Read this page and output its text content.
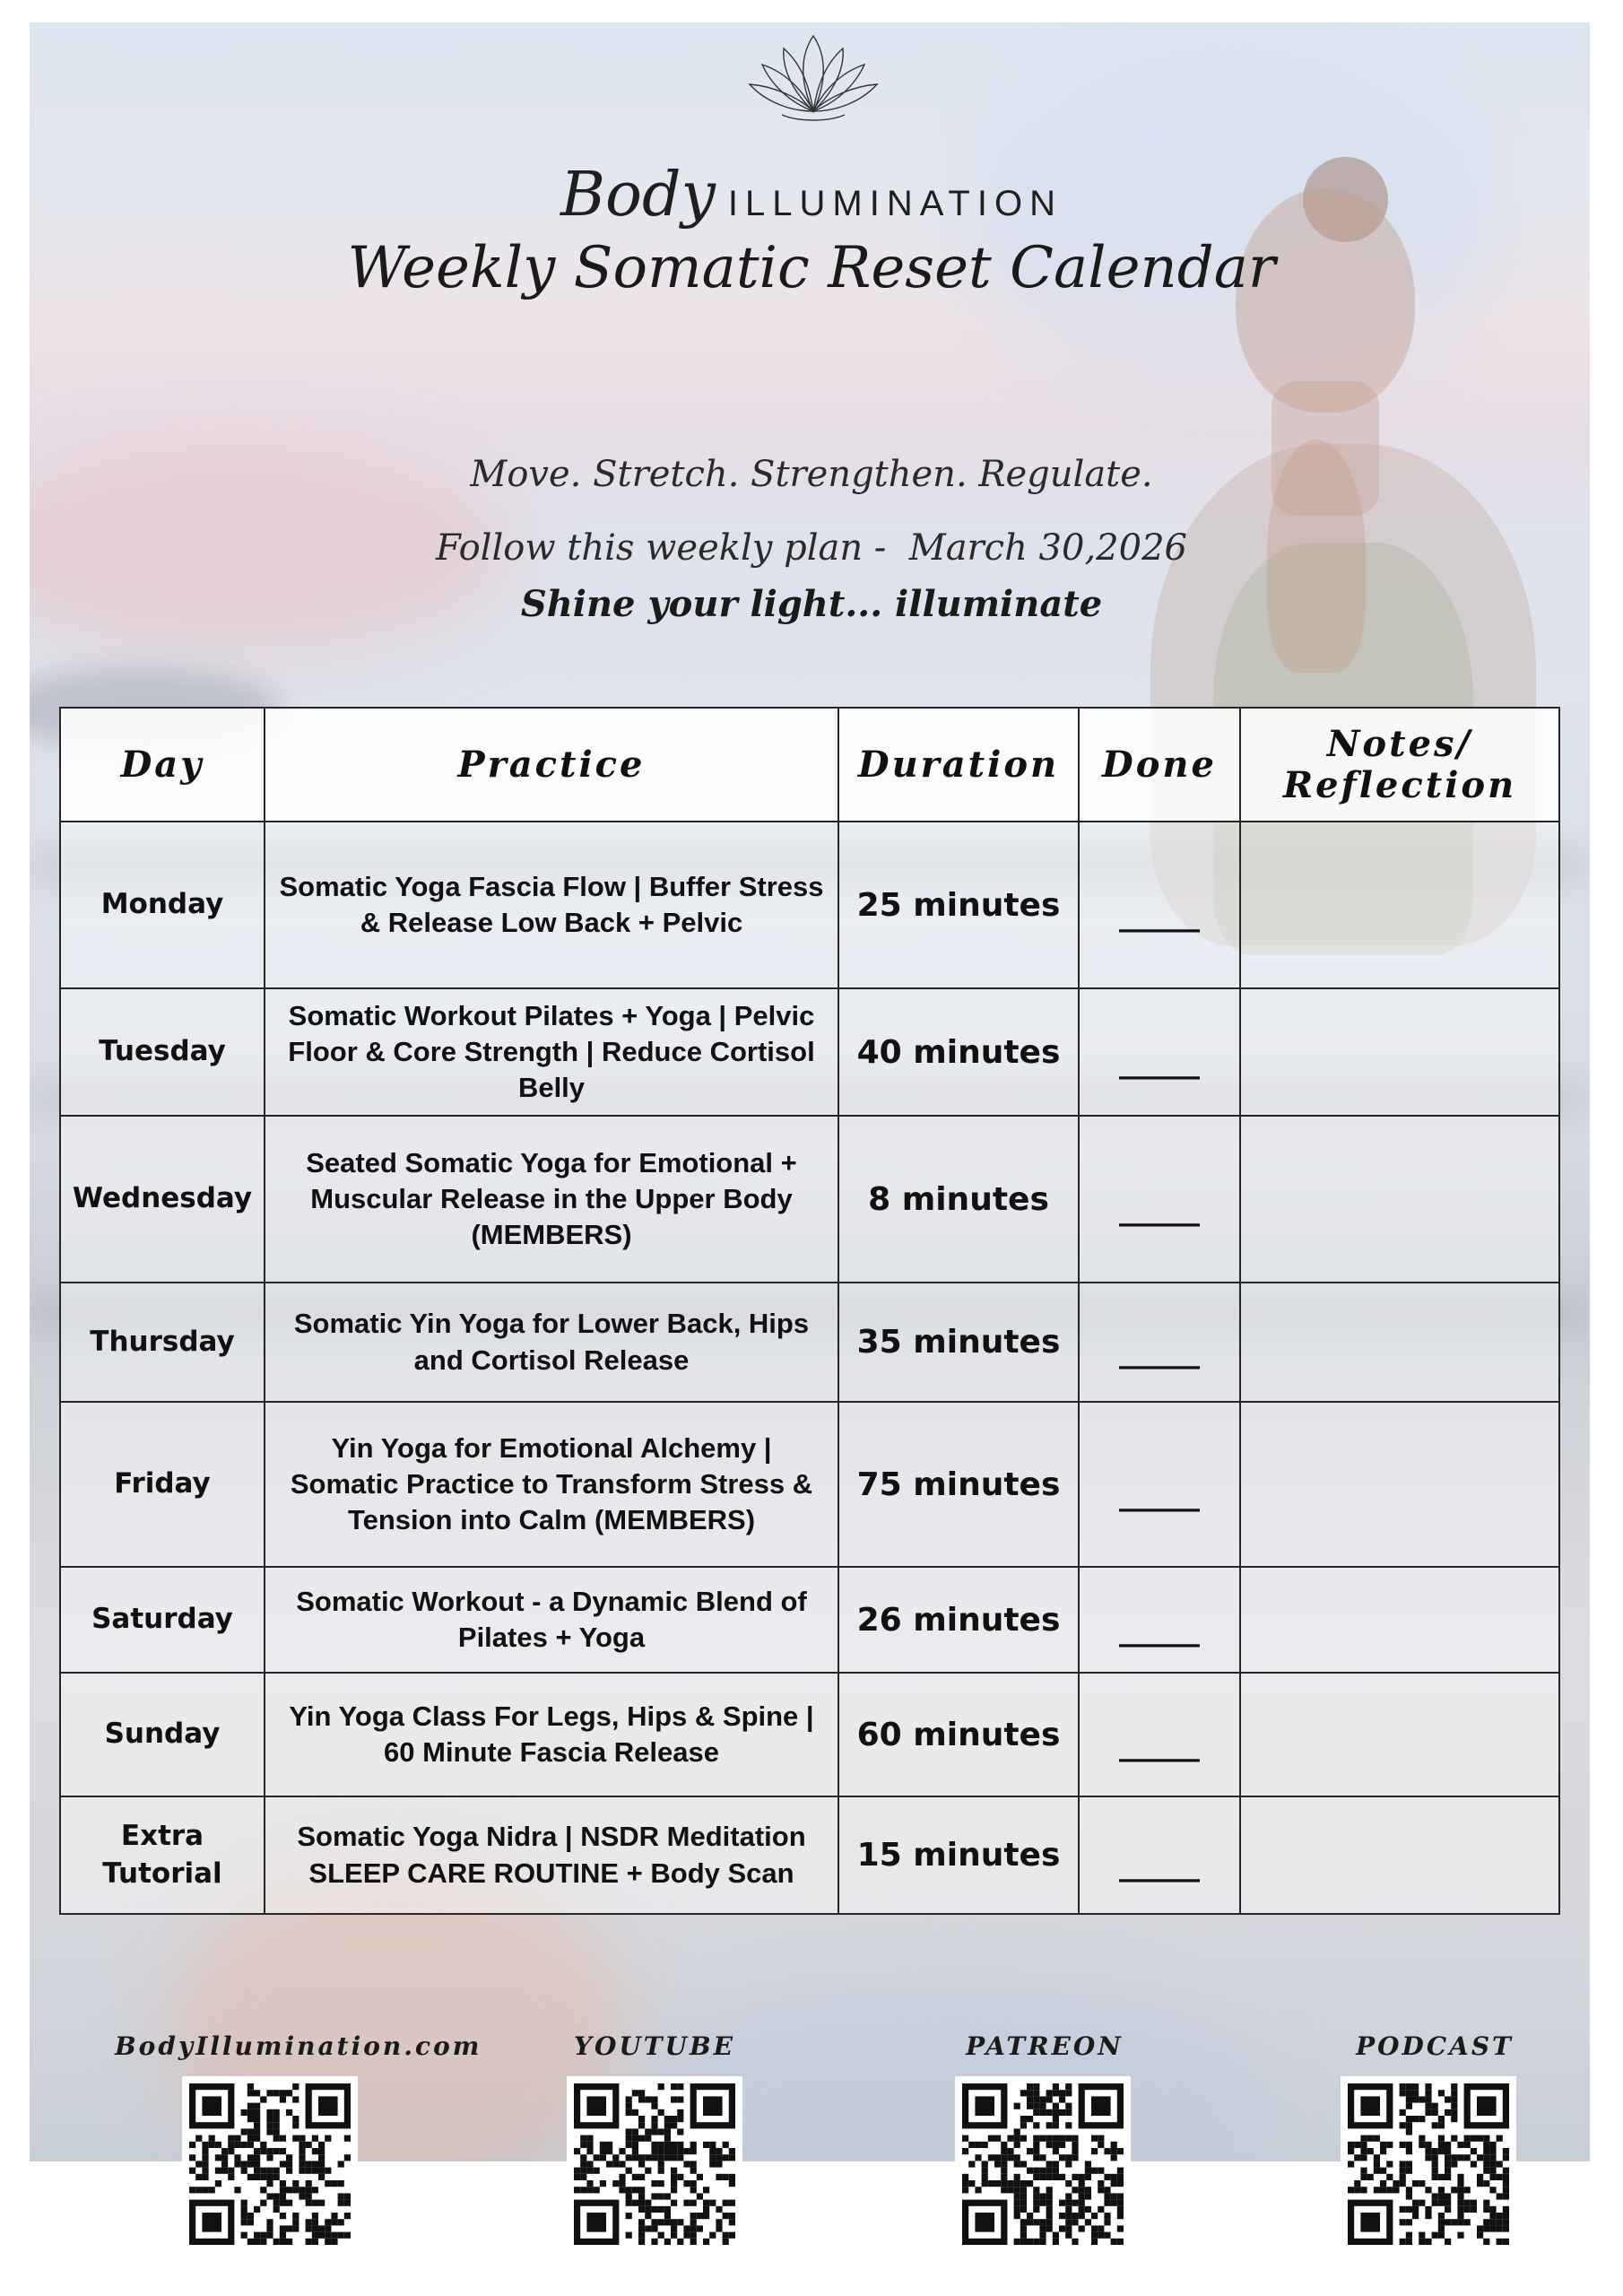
Body ILLUMINATION
Weekly Somatic Reset Calendar
Move. Stretch. Strengthen. Regulate.
Follow this weekly plan -  March 30,2026
Shine your light... illuminate
Day	Practice	Duration	Done	Notes/
Reflection
Monday	Somatic Yoga Fascia Flow | Buffer Stress & Release Low Back + Pelvic	25 minutes	_____	
Tuesday	Somatic Workout Pilates + Yoga | Pelvic Floor & Core Strength | Reduce Cortisol Belly	40 minutes	_____	
Wednesday	Seated Somatic Yoga for Emotional + Muscular Release in the Upper Body (MEMBERS)	8 minutes	_____	
Thursday	Somatic Yin Yoga for Lower Back, Hips and Cortisol Release	35 minutes	_____	
Friday	Yin Yoga for Emotional Alchemy | Somatic Practice to Transform Stress & Tension into Calm (MEMBERS)	75 minutes	_____	
Saturday	Somatic Workout - a Dynamic Blend of Pilates + Yoga	26 minutes	_____	
Sunday	Yin Yoga Class For Legs, Hips & Spine | 60 Minute Fascia Release	60 minutes	_____	
Extra Tutorial	Somatic Yoga Nidra | NSDR Meditation SLEEP CARE ROUTINE + Body Scan	15 minutes	_____	
BodyIllumination.com	YOUTUBE	PATREON	PODCAST
